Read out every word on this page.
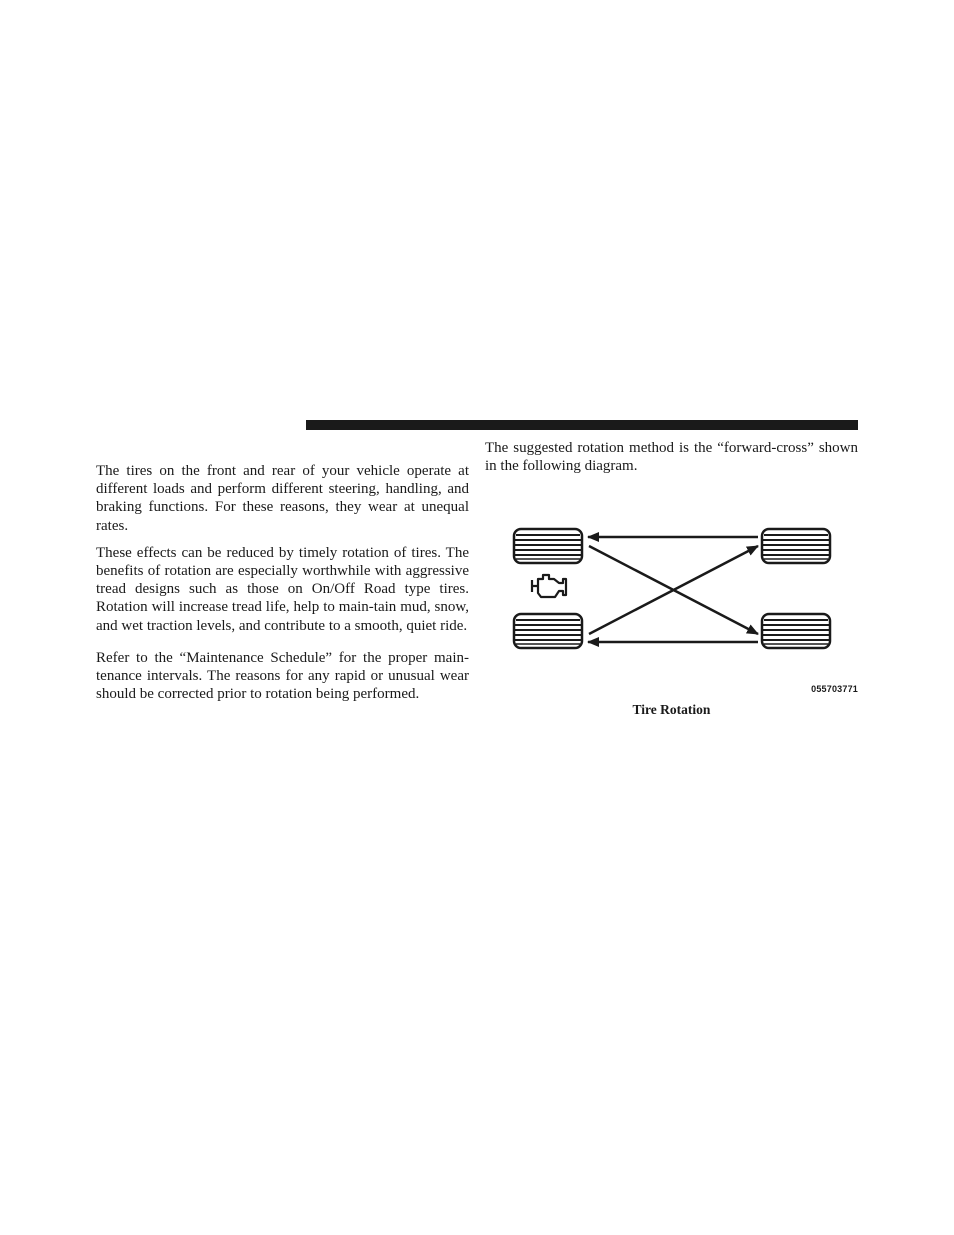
The tires on the front and rear of your vehicle operate at different loads and perform different steering, handling, and braking functions. For these reasons, they wear at unequal rates.

These effects can be reduced by timely rotation of tires. The benefits of rotation are especially worthwhile with aggressive tread designs such as those on On/Off Road type tires. Rotation will increase tread life, help to main-tain mud, snow, and wet traction levels, and contribute to a smooth, quiet ride.

Refer to the “Maintenance Schedule” for the proper main-tenance intervals. The reasons for any rapid or unusual wear should be corrected prior to rotation being performed.

The suggested rotation method is the “forward-cross” shown in the following diagram.

055703771
Tire Rotation
